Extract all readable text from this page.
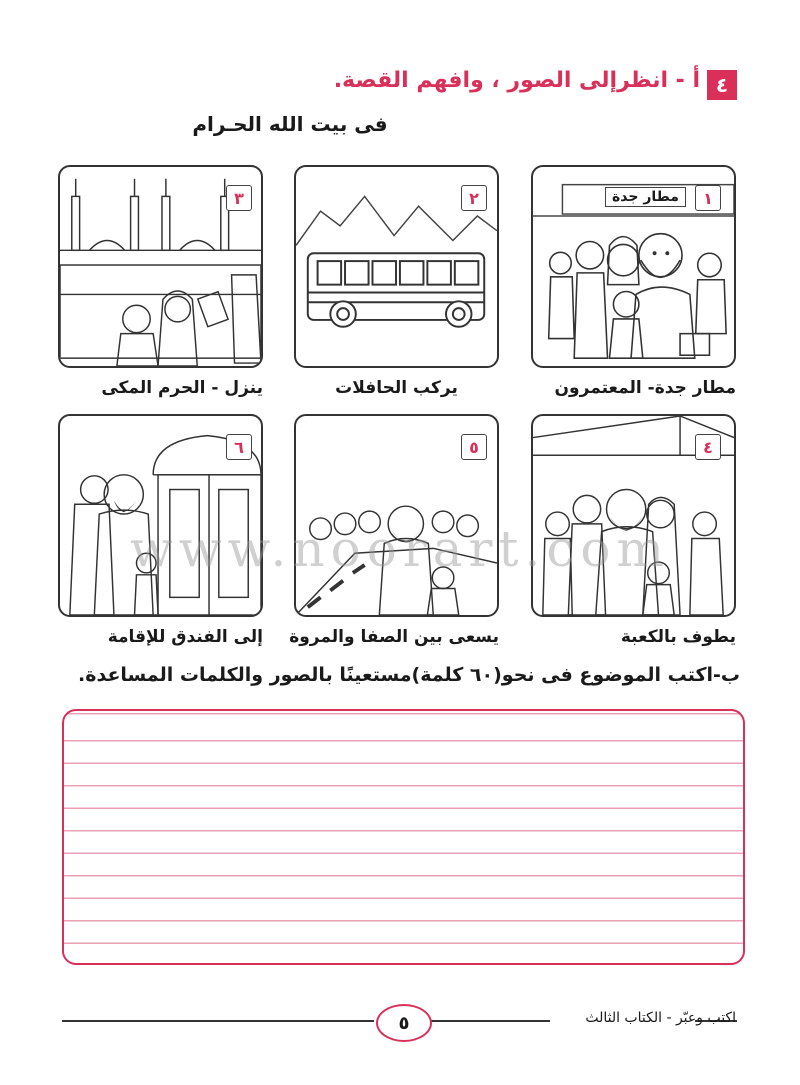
٤
أ - انظرإلى الصور ، وافهم القصة.
فى بيت الله الحـرام
مطار جدة	١
٢
٣
مطار جدة- المعتمرون
يركب الحافلات
ينزل - الحرم المكى
٤
٥
٦
يطوف بالكعبة
يسعى بين الصفا والمروة
إلى الفندق للإقامة
www.noorart.com
ب-اكتب الموضوع فى نحو(٦٠ كلمة)مستعينًا بالصور والكلمات المساعدة.
٥	اكتب وعبّر - الكتاب الثالث
